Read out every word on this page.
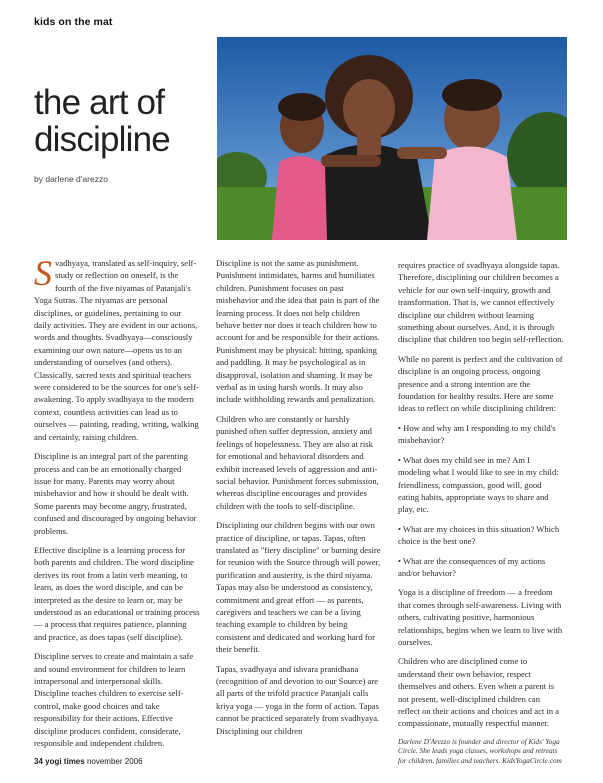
kids on the mat
the art of
discipline
by darlene d'arezzo

Svadhyaya, translated as self-inquiry, self-study or reflection on oneself, is the fourth of the five niyamas of Patanjali's Yoga Sutras. The niyamas are personal disciplines, or guidelines, pertaining to our daily activities. They are evident in our actions, words and thoughts. Svadhyaya—consciously examining our own nature—opens us to an understanding of ourselves (and others). Classically, sacred texts and spiritual teachers were considered to be the sources for one's self-awakening. To apply svadhyaya to the modern context, countless activities can lead us to ourselves — painting, reading, writing, walking and certainly, raising children.

Discipline is an integral part of the parenting process and can be an emotionally charged issue for many. Parents may worry about misbehavior and how it should be dealt with. Some parents may become angry, frustrated, confused and discouraged by ongoing behavior problems.

Effective discipline is a learning process for both parents and children. The word discipline derives its root from a latin verb meaning, to learn, as does the word disciple, and can be interpreted as the desire to learn or, may be understood as an educational or training process — a process that requires patience, planning and practice, as does tapas (self discipline).

Discipline serves to create and maintain a safe and sound environment for children to learn intrapersonal and interpersonal skills. Discipline teaches children to exercise self-control, make good choices and take responsibility for their actions. Effective discipline produces confident, considerate, responsible and independent children.

Discipline is not the same as punishment. Punishment intimidates, harms and humiliates children. Punishment focuses on past misbehavior and the idea that pain is part of the learning process. It does not help children behave better nor does it teach children how to account for and be responsible for their actions. Punishment may be physical: hitting, spanking and paddling. It may be psychological as in disapproval, isolation and shaming. It may be verbal as in using harsh words. It may also include withholding rewards and penalization.

Children who are constantly or harshly punished often suffer depression, anxiety and feelings of hopelessness. They are also at risk for emotional and behavioral disorders and exhibit increased levels of aggression and anti-social behavior. Punishment forces submission, whereas discipline encourages and provides children with the tools to self-discipline.

Disciplining our children begins with our own practice of discipline, or tapas. Tapas, often translated as "fiery discipline" or burning desire for reunion with the Source through will power, purification and austerity, is the third niyama. Tapas may also be understood as consistency, commitment and great effort — as parents, caregivers and teachers we can be a living teaching example to children by being consistent and dedicated and working hard for their benefit.

Tapas, svadhyaya and ishvara pranidhana (recognition of and devotion to our Source) are all parts of the trifold practice Patanjali calls kriya yoga — yoga in the form of action. Tapas cannot be practiced separately from svadhyaya. Disciplining our children

requires practice of svadhyaya alongside tapas. Therefore, disciplining our children becomes a vehicle for our own self-inquiry, growth and transformation. That is, we cannot effectively discipline our children without learning something about ourselves. And, it is through discipline that children too begin self-reflection.

While no parent is perfect and the cultivation of discipline is an ongoing process, ongoing presence and a strong intention are the foundation for healthy results. Here are some ideas to reflect on while disciplining children:

• How and why am I responding to my child's misbehavior?

• What does my child see in me? Am I modeling what I would like to see in my child: friendliness, compassion, good will, good eating habits, appropriate ways to share and play, etc.

• What are my choices in this situation? Which choice is the best one?

• What are the consequences of my actions and/or behavior?

Yoga is a discipline of freedom — a freedom that comes through self-awareness. Living with others, cultivating positive, harmonious relationships, begins when we learn to live with ourselves.

Children who are disciplined come to understand their own behavior, respect themselves and others. Even when a parent is not present, well-disciplined children can reflect on their actions and choices and act in a compassionate, mutually respectful manner.

Darlene D'Arezzo is founder and director of Kids' Yoga Circle. She leads yoga classes, workshops and retreats for children, families and teachers. KidsYogaCircle.com

34 yogi times november 2006
